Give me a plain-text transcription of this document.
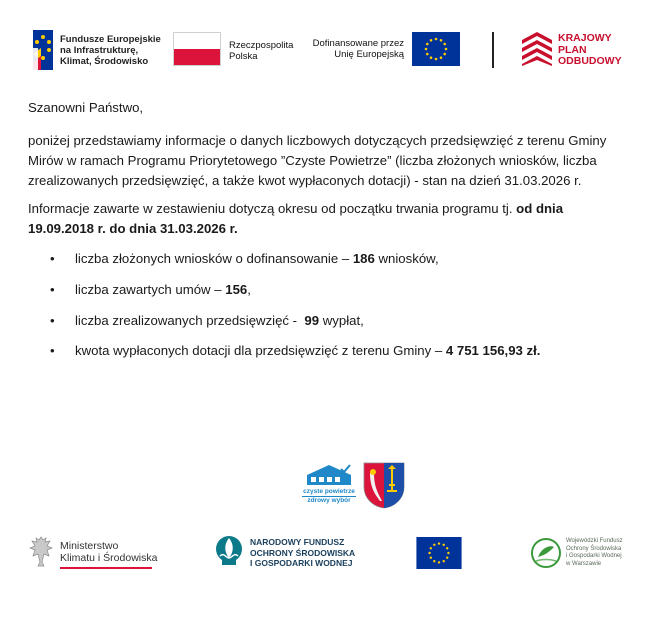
Fundusze Europejskie
na Infrastrukturę,
Klimat, Środowisko
Rzeczpospolita
Polska
Dofinansowane przez
Unię Europejską
KRAJOWY
PLAN
ODBUDOWY
Szanowni Państwo,
poniżej przedstawiamy informacje o danych liczbowych dotyczących przedsięwzięć z terenu Gminy Mirów w ramach Programu Priorytetowego ”Czyste Powietrze” (liczba złożonych wniosków, liczba zrealizowanych przedsięwzięć, a także kwot wypłaconych dotacji) - stan na dzień 31.03.2026 r.
Informacje zawarte w zestawieniu dotyczą okresu od początku trwania programu tj. od dnia 19.09.2018 r. do dnia 31.03.2026 r.
• liczba złożonych wniosków o dofinansowanie – 186 wniosków,
• liczba zawartych umów – 156,
• liczba zrealizowanych przedsięwzięć -  99 wypłat,
• kwota wypłaconych dotacji dla przedsięwzięć z terenu Gminy – 4 751 156,93 zł.
czyste powietrze
zdrowy wybór
Ministerstwo
Klimatu i Środowiska
NARODOWY FUNDUSZ
OCHRONY ŚRODOWISKA
I GOSPODARKI WODNEJ
Wojewódzki Fundusz
Ochrony Środowiska
i Gospodarki Wodnej
w Warszawie
